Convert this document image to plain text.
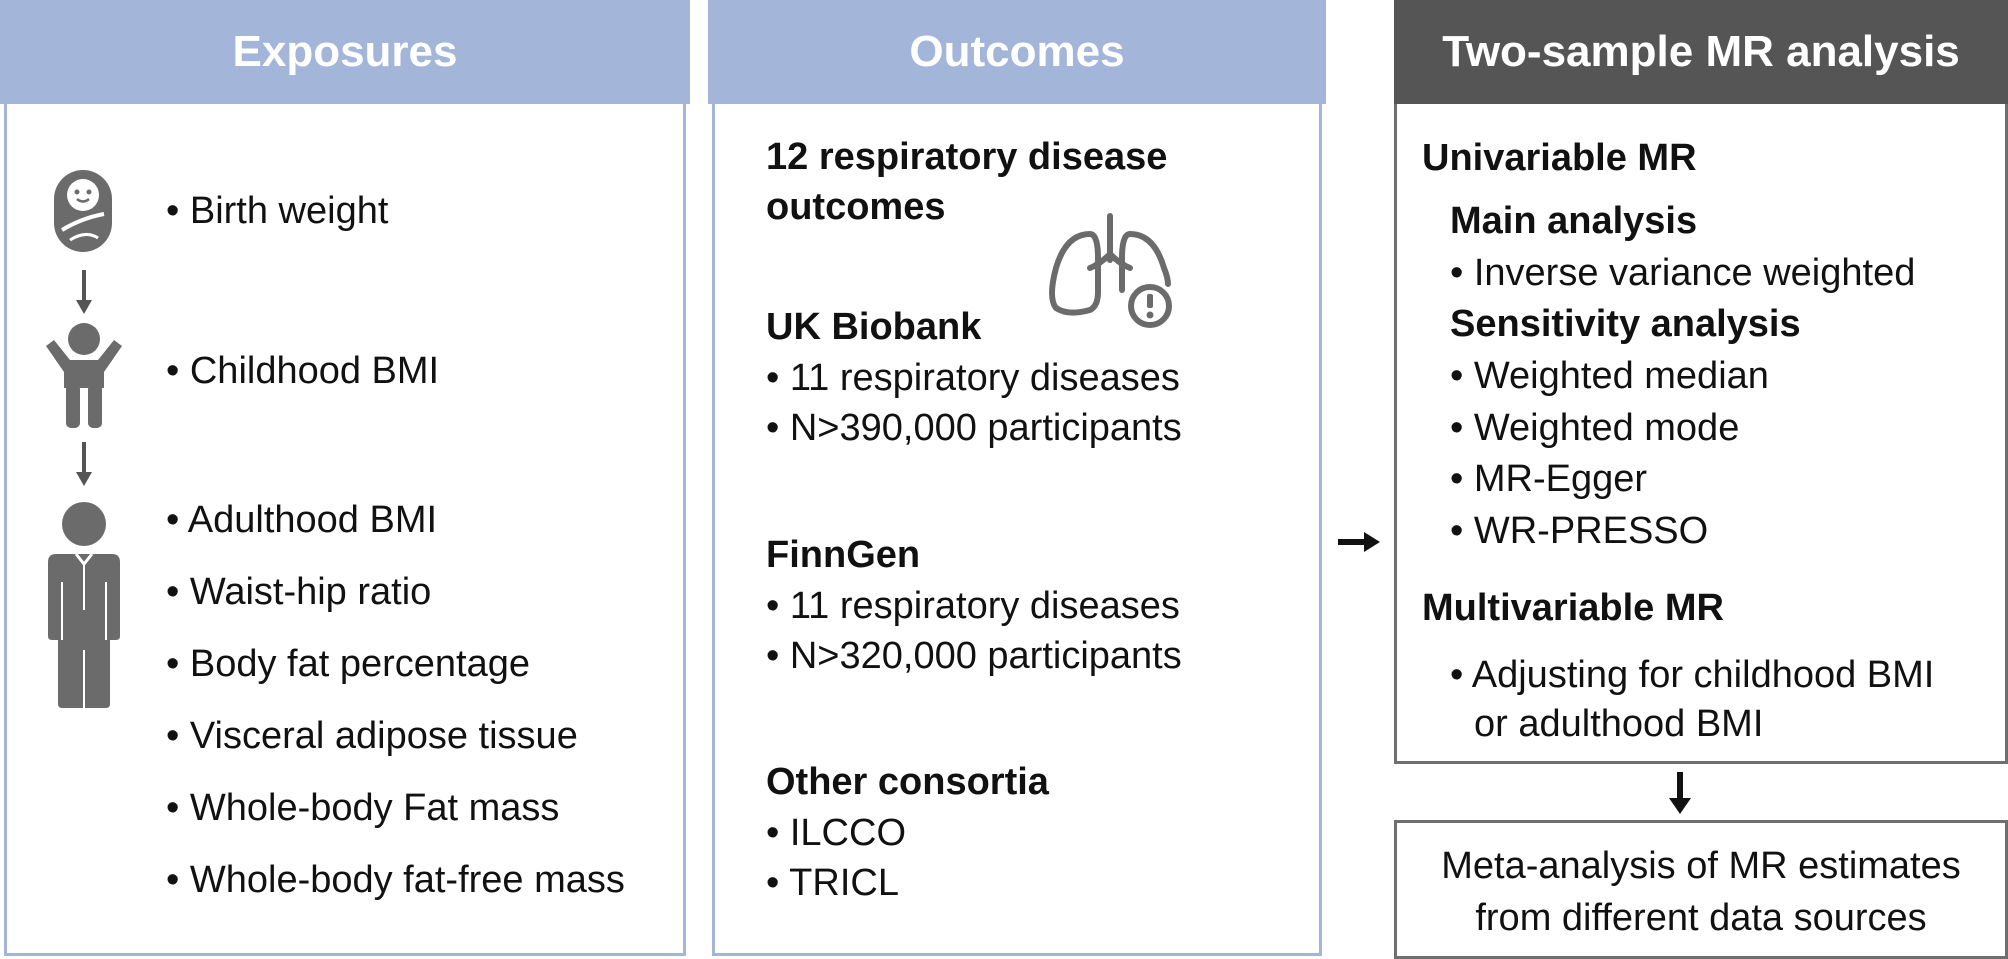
Exposures
• Birth weight
• Childhood BMI
• Adulthood BMI
• Waist-hip ratio
• Body fat percentage
• Visceral adipose tissue
• Whole-body Fat mass
• Whole-body fat-free mass
Outcomes
12 respiratory disease
outcomes
UK Biobank
• 11 respiratory diseases
• N>390,000 participants
FinnGen
• 11 respiratory diseases
• N>320,000 participants
Other consortia
• ILCCO
• TRICL
Two-sample MR analysis
Univariable MR
Main analysis
• Inverse variance weighted
Sensitivity analysis
• Weighted median
• Weighted mode
• MR-Egger
• WR-PRESSO
Multivariable MR
• Adjusting for childhood BMI
or adulthood BMI
Meta-analysis of MR estimates
from different data sources
